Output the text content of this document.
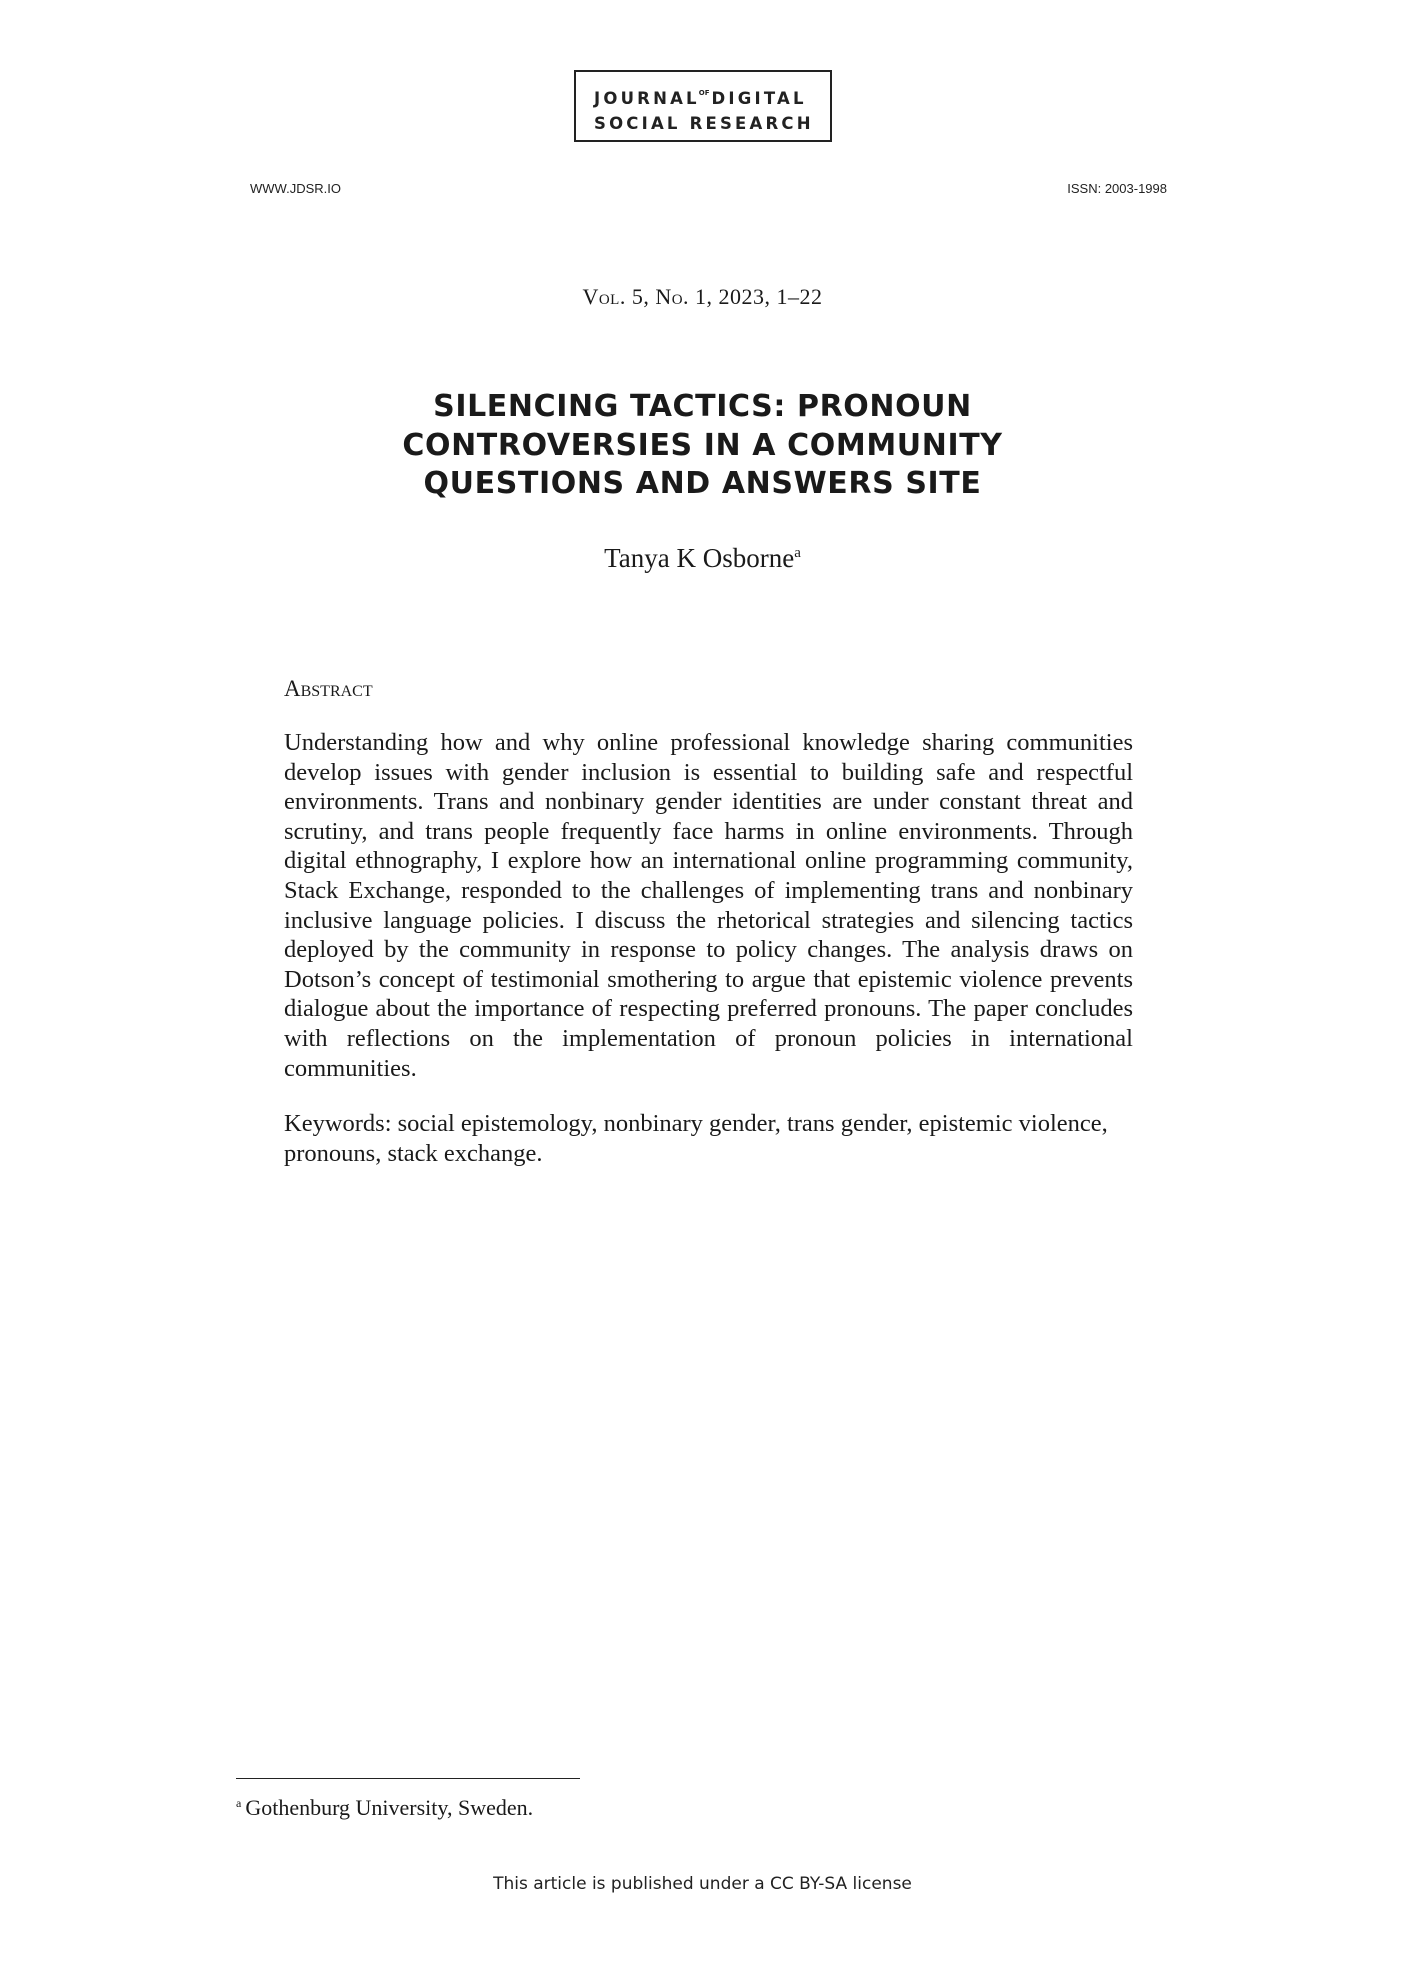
$JOURNAL^{OF}$ DIGITAL
SOCIAL RESEARCH
WWW.JDSR.IO	ISSN: 2003-1998
Vol. 5, No. 1, 2023, 1–22
SILENCING TACTICS: PRONOUN
CONTROVERSIES IN A COMMUNITY
QUESTIONS AND ANSWERS SITE
Tanya K Osborne$^a$
Abstract
Understanding how and why online professional knowledge sharing communities
develop issues with gender inclusion is essential to building safe and respectful
environments. Trans and nonbinary gender identities are under constant threat and
scrutiny, and trans people frequently face harms in online environments. Through
digital ethnography, I explore how an international online programming community,
Stack Exchange, responded to the challenges of implementing trans and nonbinary
inclusive language policies. I discuss the rhetorical strategies and silencing tactics
deployed by the community in response to policy changes. The analysis draws on
Dotson’s concept of testimonial smothering to argue that epistemic violence prevents
dialogue about the importance of respecting preferred pronouns. The paper concludes
with reflections on the implementation of pronoun policies in international
communities.
Keywords: social epistemology, nonbinary gender, trans gender, epistemic violence,
pronouns, stack exchange.
$^a$ Gothenburg University, Sweden.
This article is published under a CC BY-SA license
